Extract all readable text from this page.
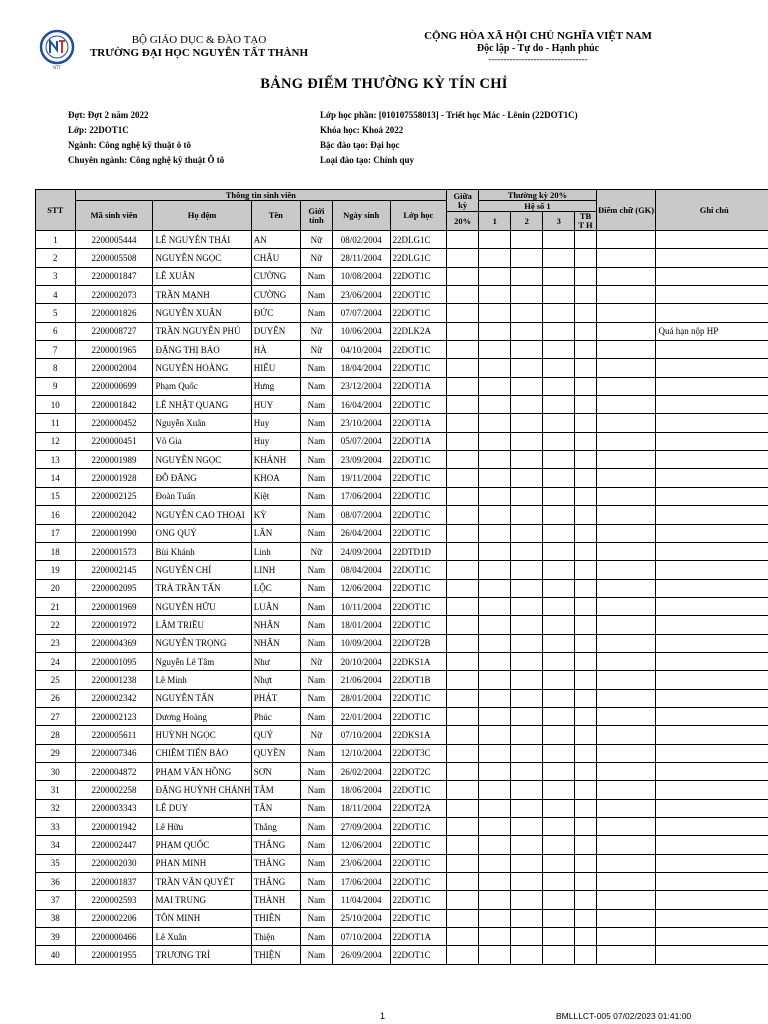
NTT
BỘ GIÁO DỤC & ĐÀO TẠO
TRƯỜNG ĐẠI HỌC NGUYỄN TẤT THÀNH
CỘNG HÒA XÃ HỘI CHỦ NGHĨA VIỆT NAM
Độc lập - Tự do - Hạnh phúc
---------------------------------
BẢNG ĐIỂM THƯỜNG KỲ TÍN CHỈ
Đợt: Đợt 2 năm 2022
Lớp: 22DOT1C
Ngành: Công nghệ kỹ thuật ô tô
Chuyên ngành: Công nghệ kỹ thuật Ô tô
Lớp học phần: [010107558013] - Triết học Mác - Lênin (22DOT1C)
Khóa học: Khoá 2022
Bậc đào tạo: Đại học
Loại đào tạo: Chính quy
STT	Thông tin sinh viên						Giữa kỳ	Thường kỳ 20%				Điểm chữ (GK)	Ghi chú
	Mã sinh viên	Họ đệm	Tên	Giới tính	Ngày sinh	Lớp học		Hệ số 1					
							20%	1	2	3	TB T H		
1	2200005444	LÊ NGUYỄN THÁI	AN	Nữ	08/02/2004	22DLG1C							
2	2200005508	NGUYỄN NGỌC	CHÂU	Nữ	28/11/2004	22DLG1C							
3	2200001847	LÊ XUÂN	CƯỜNG	Nam	10/08/2004	22DOT1C							
4	2200002073	TRẦN MẠNH	CƯỜNG	Nam	23/06/2004	22DOT1C							
5	2200001826	NGUYỄN XUÂN	ĐỨC	Nam	07/07/2004	22DOT1C							
6	2200008727	TRẦN NGUYỄN PHÚ	DUYÊN	Nữ	10/06/2004	22DLK2A							Quá hạn nộp HP
7	2200001965	ĐẶNG THỊ BẢO	HÀ	Nữ	04/10/2004	22DOT1C							
8	2200002004	NGUYỄN HOÀNG	HIẾU	Nam	18/04/2004	22DOT1C							
9	2200000699	Phạm Quốc	Hưng	Nam	23/12/2004	22DOT1A							
10	2200001842	LÊ NHẬT QUANG	HUY	Nam	16/04/2004	22DOT1C							
11	2200000452	Nguyễn Xuân	Huy	Nam	23/10/2004	22DOT1A							
12	2200000451	Võ Gia	Huy	Nam	05/07/2004	22DOT1A							
13	2200001989	NGUYỄN NGỌC	KHÁNH	Nam	23/09/2004	22DOT1C							
14	2200001928	ĐỖ ĐĂNG	KHOA	Nam	19/11/2004	22DOT1C							
15	2200002125	Đoàn Tuấn	Kiệt	Nam	17/06/2004	22DOT1C							
16	2200002042	NGUYỄN CAO THOẠI	KỲ	Nam	08/07/2004	22DOT1C							
17	2200001990	ONG QUÝ	LÂN	Nam	26/04/2004	22DOT1C							
18	2200001573	Bùi Khánh	Linh	Nữ	24/09/2004	22DTD1D							
19	2200002145	NGUYỄN CHÍ	LINH	Nam	08/04/2004	22DOT1C							
20	2200002095	TRÀ TRẦN TẤN	LỘC	Nam	12/06/2004	22DOT1C							
21	2200001969	NGUYỄN HỮU	LUÂN	Nam	10/11/2004	22DOT1C							
22	2200001972	LÂM TRIỀU	NHÂN	Nam	18/01/2004	22DOT1C							
23	2200004369	NGUYỄN TRỌNG	NHÂN	Nam	10/09/2004	22DOT2B							
24	2200001095	Nguyễn Lê Tâm	Như	Nữ	20/10/2004	22DKS1A							
25	2200001238	Lê Minh	Nhựt	Nam	21/06/2004	22DOT1B							
26	2200002342	NGUYỄN TẤN	PHÁT	Nam	28/01/2004	22DOT1C							
27	2200002123	Dương Hoàng	Phúc	Nam	22/01/2004	22DOT1C							
28	2200005611	HUỲNH NGỌC	QUÝ	Nữ	07/10/2004	22DKS1A							
29	2200007346	CHIÊM TIẾN BẢO	QUYỀN	Nam	12/10/2004	22DOT3C							
30	2200004872	PHẠM VĂN HỒNG	SƠN	Nam	26/02/2004	22DOT2C							
31	2200002258	ĐẶNG HUỲNH CHÁNH	TÂM	Nam	18/06/2004	22DOT1C							
32	2200003343	LÊ DUY	TÂN	Nam	18/11/2004	22DOT2A							
33	2200001942	Lê Hữu	Thắng	Nam	27/09/2004	22DOT1C							
34	2200002447	PHẠM QUỐC	THẮNG	Nam	12/06/2004	22DOT1C							
35	2200002030	PHAN MINH	THẮNG	Nam	23/06/2004	22DOT1C							
36	2200001837	TRẦN VĂN QUYẾT	THẮNG	Nam	17/06/2004	22DOT1C							
37	2200002593	MAI TRUNG	THÀNH	Nam	11/04/2004	22DOT1C							
38	2200002206	TÔN MINH	THIÊN	Nam	25/10/2004	22DOT1C							
39	2200000466	Lê Xuân	Thiện	Nam	07/10/2004	22DOT1A							
40	2200001955	TRƯƠNG TRÍ	THIỆN	Nam	26/09/2004	22DOT1C							
1	BMLLLCT-005 07/02/2023 01:41:00
